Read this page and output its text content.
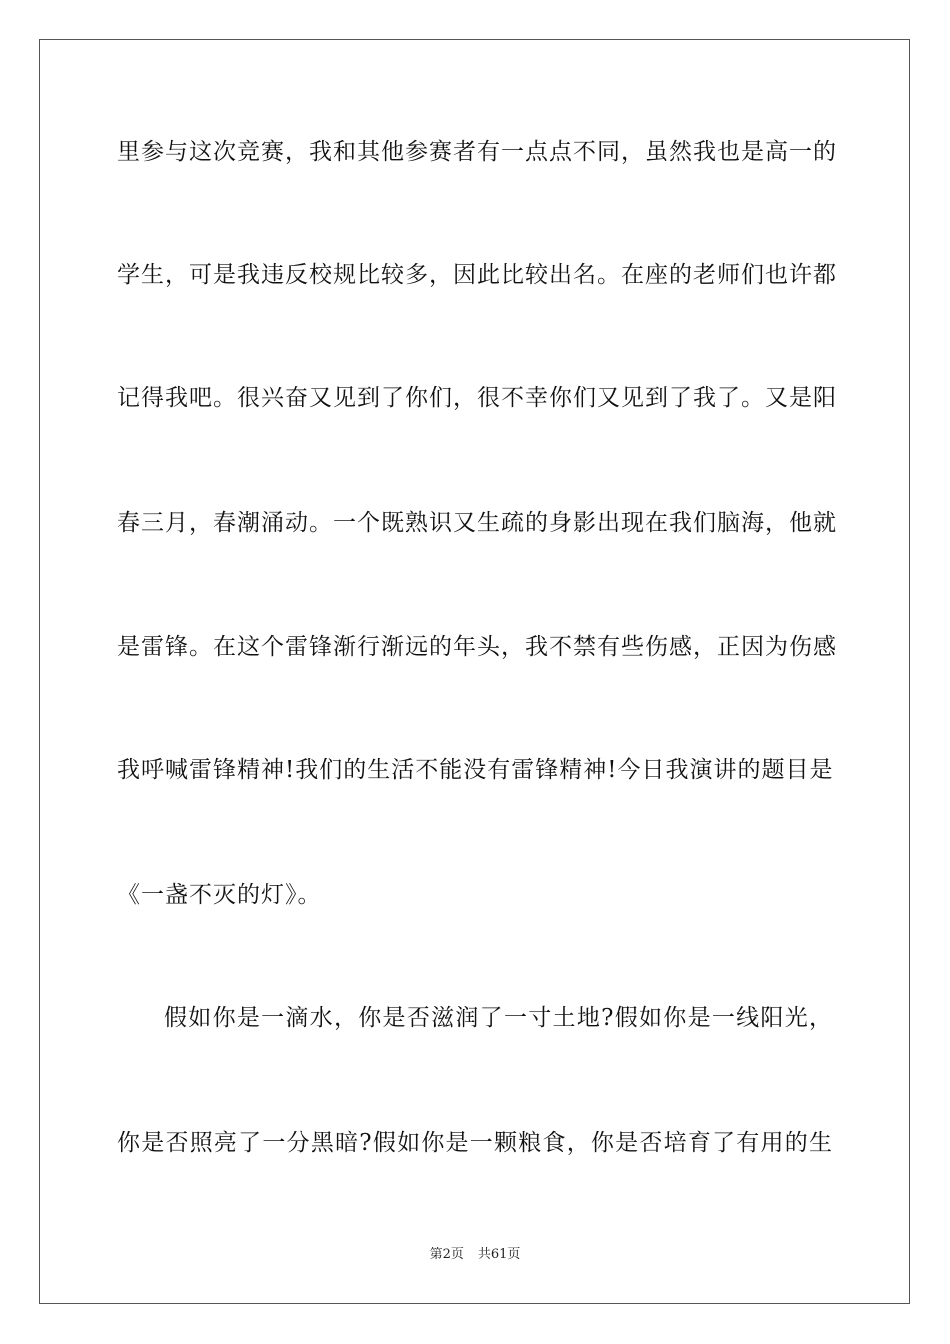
里参与这次竞赛，我和其他参赛者有一点点不同，虽然我也是高一的
学生，可是我违反校规比较多，因此比较出名。在座的老师们也许都
记得我吧。很兴奋又见到了你们，很不幸你们又见到了我了。又是阳
春三月，春潮涌动。一个既熟识又生疏的身影出现在我们脑海，他就
是雷锋。在这个雷锋渐行渐远的年头，我不禁有些伤感，正因为伤感
我呼喊雷锋精神!我们的生活不能没有雷锋精神!今日我演讲的题目是
《一盏不灭的灯》。
假如你是一滴水，你是否滋润了一寸土地?假如你是一线阳光，
你是否照亮了一分黑暗?假如你是一颗粮食，你是否培育了有用的生
第2页 共61页
